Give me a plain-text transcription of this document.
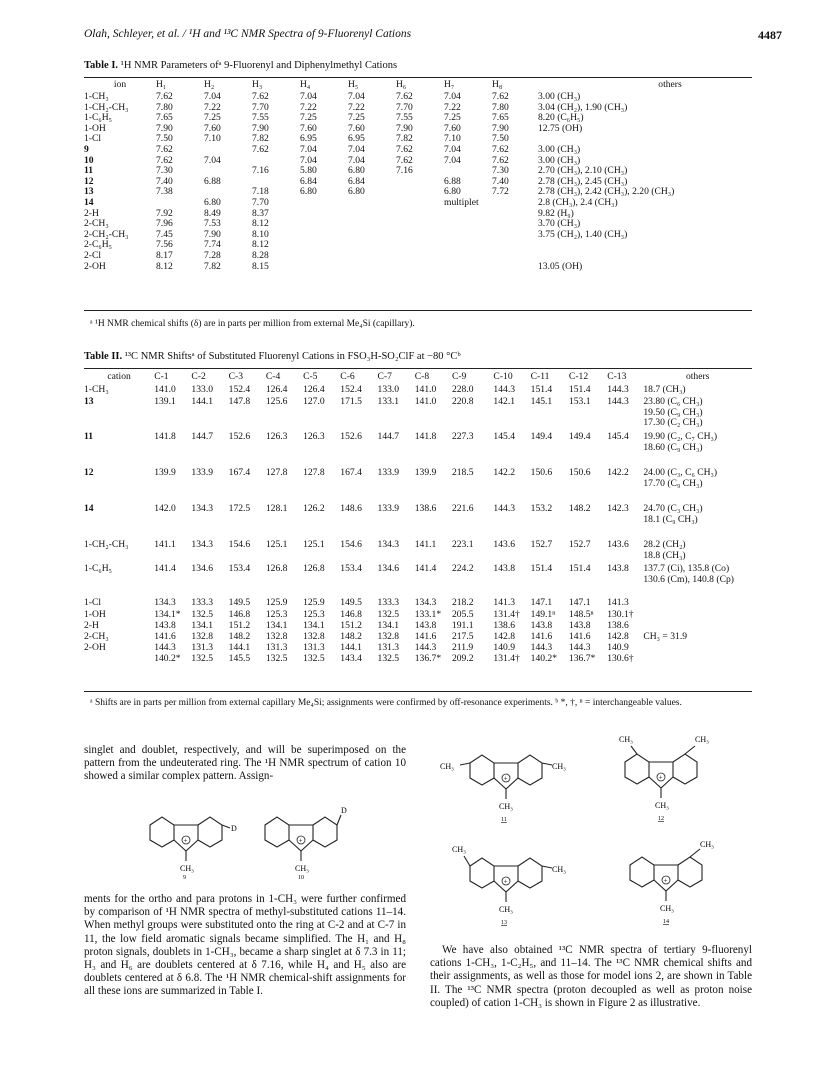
Olah, Schleyer, et al. / ¹H and ¹³C NMR Spectra of 9-Fluorenyl Cations	4487
Table I. ¹H NMR Parameters ofᵃ 9-Fluorenyl and Diphenylmethyl Cations
ion	H₁	H₂	H₃	H₄	H₅	H₆	H₇	H₈	others
1-CH₃	7.62	7.04	7.62	7.04	7.04	7.62	7.04	7.62	3.00 (CH₃)
1-CH₂-CH₃	7.80	7.22	7.70	7.22	7.22	7.70	7.22	7.80	3.04 (CH₂), 1.90 (CH₃)
1-C₆H₅	7.65	7.25	7.55	7.25	7.25	7.55	7.25	7.65	8.20 (C₆H₅)
1-OH	7.90	7.60	7.90	7.60	7.60	7.90	7.60	7.90	12.75 (OH)
1-Cl	7.50	7.10	7.82	6.95	6.95	7.82	7.10	7.50	
9	7.62		7.62	7.04	7.04	7.62	7.04	7.62	3.00 (CH₃)
10	7.62	7.04		7.04	7.04	7.62	7.04	7.62	3.00 (CH₃)
11	7.30		7.16	5.80	6.80	7.16		7.30	2.70 (CH₃), 2.10 (CH₃)
12	7.40	6.88		6.84	6.84		6.88	7.40	2.78 (CH₃), 2.45 (CH₃)
13	7.38		7.18	6.80	6.80		6.80	7.72	2.78 (CH₃), 2.42 (CH₃), 2.20 (CH₃)
14		6.80	7.70				multiplet		2.8 (CH₃), 2.4 (CH₃)
2-H	7.92	8.49	8.37						9.82 (H₉)
2-CH₃	7.96	7.53	8.12						3.70 (CH₃)
2-CH₂-CH₃	7.45	7.90	8.10						3.75 (CH₂), 1.40 (CH₃)
2-C₆H₅	7.56	7.74	8.12						
2-Cl	8.17	7.28	8.28						
2-OH	8.12	7.82	8.15						13.05 (OH)
ᵃ ¹H NMR chemical shifts (δ) are in parts per million from external Me₄Si (capillary).
Table II. ¹³C NMR Shiftsᵃ of Substituted Fluorenyl Cations in FSO₃H-SO₂ClF at −80 °Cᵇ
cation	C-1	C-2	C-3	C-4	C-5	C-6	C-7	C-8	C-9	C-10	C-11	C-12	C-13	others
1-CH₃	141.0	133.0	152.4	126.4	126.4	152.4	133.0	141.0	228.0	144.3	151.4	151.4	144.3	18.7 (CH₃)
13	139.1	144.1	147.8	125.6	127.0	171.5	133.1	141.0	220.8	142.1	145.1	153.1	144.3	23.80 (C₆ CH₃)
19.50 (C₉ CH₃)
17.30 (C₂ CH₃)
11	141.8	144.7	152.6	126.3	126.3	152.6	144.7	141.8	227.3	145.4	149.4	149.4	145.4	19.90 (C₂, C₇ CH₃)
18.60 (C₉ CH₃)
12	139.9	133.9	167.4	127.8	127.8	167.4	133.9	139.9	218.5	142.2	150.6	150.6	142.2	24.00 (C₃, C₆ CH₃)
17.70 (C₉ CH₃)
14	142.0	134.3	172.5	128.1	126.2	148.6	133.9	138.6	221.6	144.3	153.2	148.2	142.3	24.70 (C₃ CH₃)
18.1 (C₉ CH₃)
1-CH₂-CH₃	141.1	134.3	154.6	125.1	125.1	154.6	134.3	141.1	223.1	143.6	152.7	152.7	143.6	28.2 (CH₂)
18.8 (CH₃)
1-C₆H₅	141.4	134.6	153.4	126.8	126.8	153.4	134.6	141.4	224.2	143.8	151.4	151.4	143.8	137.7 (Ci), 135.8 (Co)
130.6 (Cm), 140.8 (Cp)
1-Cl	134.3	133.3	149.5	125.9	125.9	149.5	133.3	134.3	218.2	141.3	147.1	147.1	141.3	
1-OH	134.1*	132.5	146.8	125.3	125.3	146.8	132.5	133.1*	205.5	131.4†	149.1ⁿ	148.5ⁿ	130.1†	
2-H	143.8	134.1	151.2	134.1	134.1	151.2	134.1	143.8	191.1	138.6	143.8	143.8	138.6	
2-CH₃	141.6	132.8	148.2	132.8	132.8	148.2	132.8	141.6	217.5	142.8	141.6	141.6	142.8	CH₃ = 31.9
2-OH	144.3	131.3	144.1	131.3	131.3	144.1	131.3	144.3	211.9	140.9	144.3	144.3	140.9	
	140.2*	132.5	145.5	132.5	132.5	143.4	132.5	136.7*	209.2	131.4†	140.2*	136.7*	130.6†	
ᵃ Shifts are in parts per million from external capillary Me₄Si; assignments were confirmed by off-resonance experiments. ᵇ *, †, ⁿ = interchangeable values.
singlet and doublet, respectively, and will be superimposed on the pattern from the undeuterated ring. The ¹H NMR spectrum of cation 10 showed a similar complex pattern. Assign-
ments for the ortho and para protons in 1-CH₃ were further confirmed by comparison of ¹H NMR spectra of methyl-substituted cations 11–14. When methyl groups were substituted onto the ring at C-2 and at C-7 in 11, the low field aromatic signals became simplified. The H₁ and H₈ proton signals, doublets in 1-CH₃, became a sharp singlet at δ 7.3 in 11; H₃ and H₆ are doublets centered at δ 7.16, while H₄ and H₅ also are doublets centered at δ 6.8. The ¹H NMR chemical-shift assignments for all these ions are summarized in Table I.
We have also obtained ¹³C NMR spectra of tertiary 9-fluorenyl cations 1-CH₃, 1-C₂H₅, and 11–14. The ¹³C NMR chemical shifts and their assignments, as well as those for model ions 2, are shown in Table II. The ¹³C NMR spectra (proton decoupled as well as proton noise coupled) of cation 1-CH₃ is shown in Figure 2 as illustrative.
+
CH₃
D
9
+
CH₃
D
10
+
CH₃	CH₃
CH₃
11
+
CH₃	CH₃
CH₃
12
+
CH₃
CH₃
CH₃
13
+
CH₃
CH₃
14
